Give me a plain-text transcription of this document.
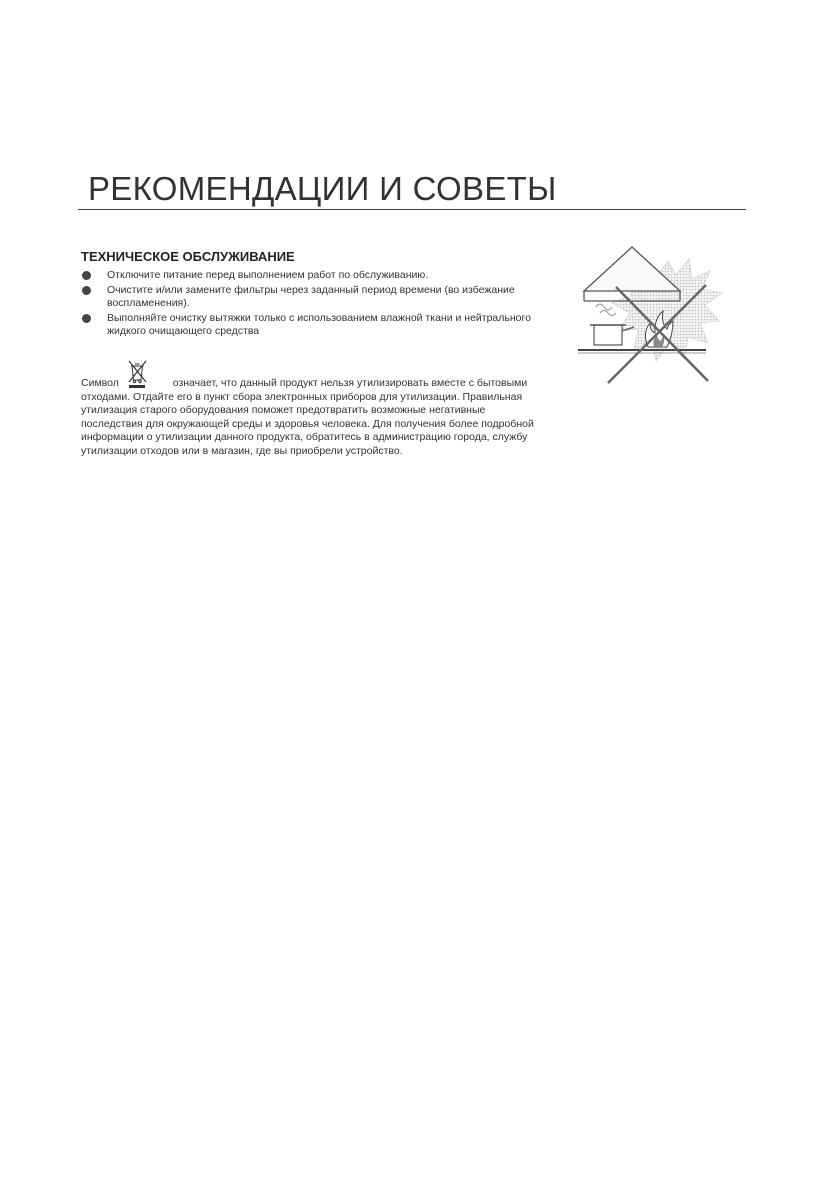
РЕКОМЕНДАЦИИ И СОВЕТЫ
ТЕХНИЧЕСКОЕ ОБСЛУЖИВАНИЕ
Отключите питание перед выполнением работ по обслуживанию.
Очистите и/или замените фильтры через заданный период времени (во избежание воспламенения).
Выполняйте очистку вытяжки только с использованием влажной ткани и нейтрального жидкого очищающего средства

Символ	означает, что данный продукт нельзя утилизировать вместе с бытовыми отходами. Отдайте его в пункт сбора электронных приборов для утилизации. Правильная утилизация старого оборудования поможет предотвратить возможные негативные последствия для окружающей среды и здоровья человека. Для получения более подробной информации о утилизации данного продукта, обратитесь в администрацию города, службу утилизации отходов или в магазин, где вы приобрели устройство.
